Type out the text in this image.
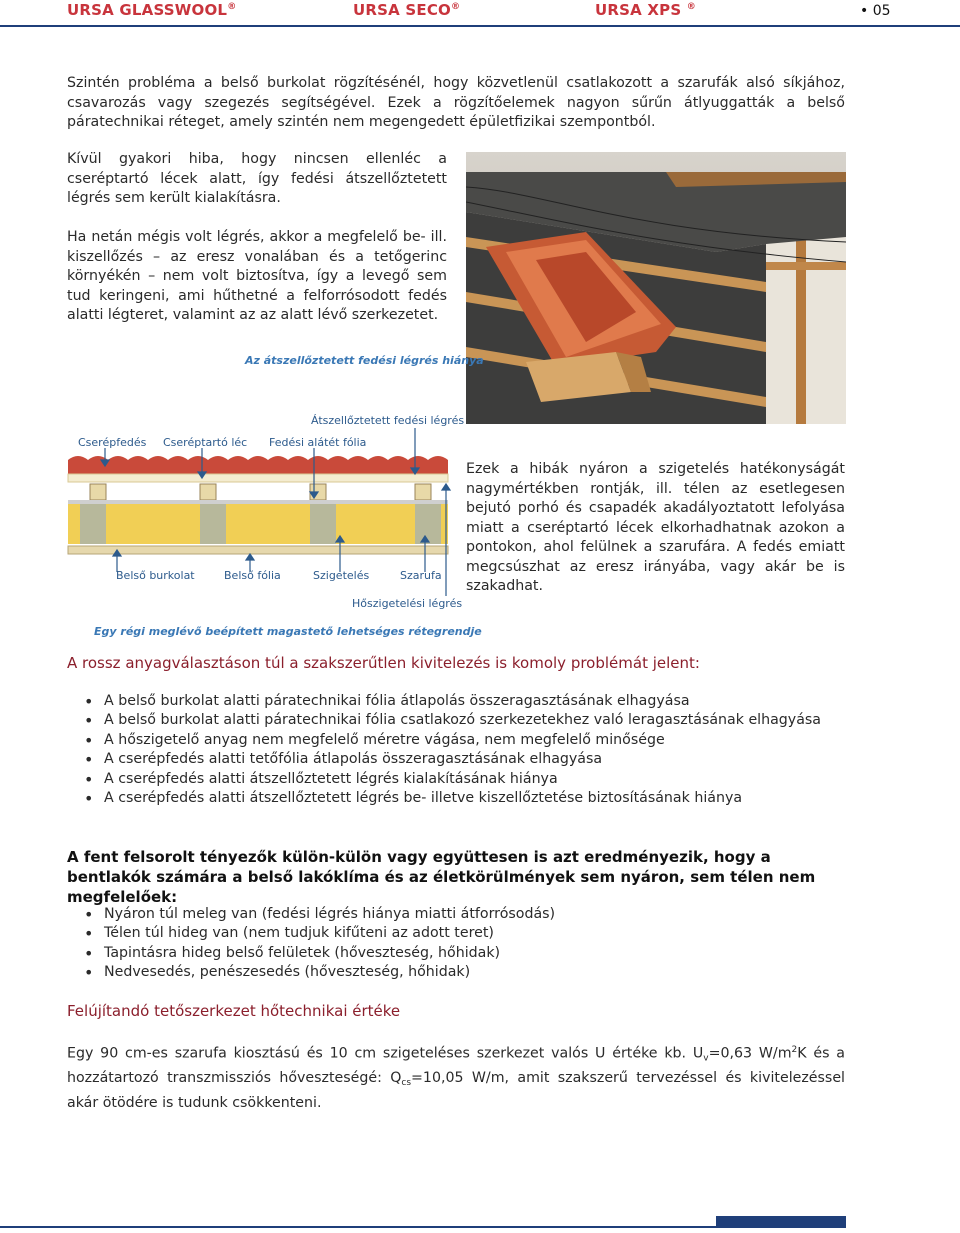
URSA GLASSWOOL®	URSA SECO®	URSA XPS ®	• 05
Szintén probléma a belső burkolat rögzítésénél, hogy közvetlenül csatlakozott a szarufák alsó síkjához, csavarozás vagy szegezés segítségével. Ezek a rögzítőelemek nagyon sűrűn átlyuggatták a belső páratechnikai réteget, amely szintén nem megengedett épületfizikai szempontból.
Kívül gyakori hiba, hogy nincsen ellenléc a cseréptartó lécek alatt, így fedési átszellőztetett légrés sem került kialakításra.
Ha netán mégis volt légrés, akkor a megfelelő be- ill. kiszellőzés – az eresz vonalában és a tetőgerinc környékén – nem volt biztosítva, így a levegő sem tud keringeni, ami hűthetné a felforrósodott fedés alatti légteret, valamint az az alatt lévő szerkezetet.
Az átszellőztetett fedési légrés hiánya
Átszellőztetett fedési légrés
Cserépfedés Cseréptartó léc Fedési alátét fólia
Belső burkolat	Belső fólia	Szigetelés	Szarufa
Hőszigetelési légrés
Egy régi meglévő beépített magastető lehetséges rétegrendje
Ezek a hibák nyáron a szigetelés hatékonyságát nagymértékben rontják, ill. télen az esetlegesen bejutó porhó és csapadék akadályoztatott lefolyása miatt a cseréptartó lécek elkorhadhatnak azokon a pontokon, ahol felülnek a szarufára. A fedés emiatt megcsúszhat az eresz irányába, vagy akár be is szakadhat.
A rossz anyagválasztáson túl a szakszerűtlen kivitelezés is komoly problémát jelent:
• A belső burkolat alatti páratechnikai fólia átlapolás összeragasztásának elhagyása
• A belső burkolat alatti páratechnikai fólia csatlakozó szerkezetekhez való leragasztásának elhagyása
• A hőszigetelő anyag nem megfelelő méretre vágása, nem megfelelő minősége
• A cserépfedés alatti tetőfólia átlapolás összeragasztásának elhagyása
• A cserépfedés alatti átszellőztetett légrés kialakításának hiánya
• A cserépfedés alatti átszellőztetett légrés be- illetve kiszellőztetése biztosításának hiánya
A fent felsorolt tényezők külön-külön vagy együttesen is azt eredményezik, hogy a bentlakók számára a belső lakóklíma és az életkörülmények sem nyáron, sem télen nem megfelelőek:
• Nyáron túl meleg van (fedési légrés hiánya miatti átforrósodás)
• Télen túl hideg van (nem tudjuk kifűteni az adott teret)
• Tapintásra hideg belső felületek (hőveszteség, hőhidak)
• Nedvesedés, penészesedés (hőveszteség, hőhidak)
Felújítandó tetőszerkezet hőtechnikai értéke
Egy 90 cm-es szarufa kiosztású és 10 cm szigeteléses szerkezet valós U értéke kb. $U_v=0,63$ $W/m^2K$ és a hozzátartozó transzmissziós hőveszteségé: $Q_{cs}=10,05$ W/m, amit szakszerű tervezéssel és kivitelezéssel akár ötödére is tudunk csökkenteni.
